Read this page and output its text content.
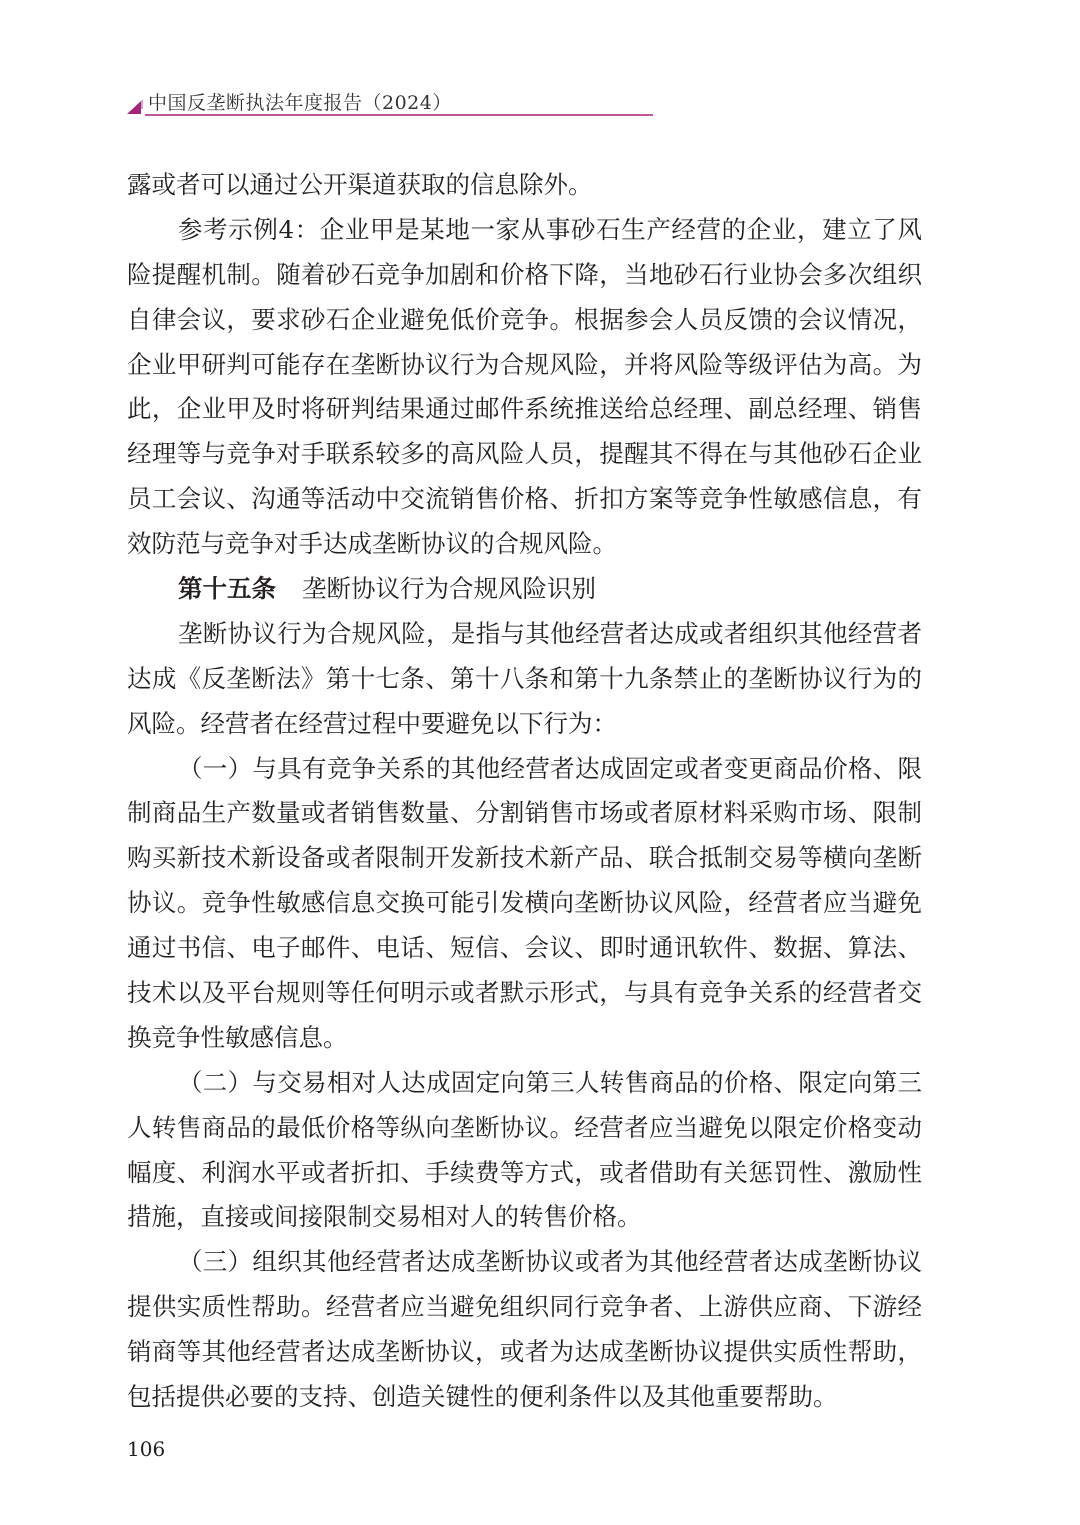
中国反垄断执法年度报告（2024）
露或者可以通过公开渠道获取的信息除外。
参考示例4：企业甲是某地一家从事砂石生产经营的企业，建立了风
险提醒机制。随着砂石竞争加剧和价格下降，当地砂石行业协会多次组织
自律会议，要求砂石企业避免低价竞争。根据参会人员反馈的会议情况，
企业甲研判可能存在垄断协议行为合规风险，并将风险等级评估为高。为
此，企业甲及时将研判结果通过邮件系统推送给总经理、副总经理、销售
经理等与竞争对手联系较多的高风险人员，提醒其不得在与其他砂石企业
员工会议、沟通等活动中交流销售价格、折扣方案等竞争性敏感信息，有
效防范与竞争对手达成垄断协议的合规风险。
第十五条 垄断协议行为合规风险识别
垄断协议行为合规风险，是指与其他经营者达成或者组织其他经营者
达成《反垄断法》第十七条、第十八条和第十九条禁止的垄断协议行为的
风险。经营者在经营过程中要避免以下行为：
（一）与具有竞争关系的其他经营者达成固定或者变更商品价格、限
制商品生产数量或者销售数量、分割销售市场或者原材料采购市场、限制
购买新技术新设备或者限制开发新技术新产品、联合抵制交易等横向垄断
协议。竞争性敏感信息交换可能引发横向垄断协议风险，经营者应当避免
通过书信、电子邮件、电话、短信、会议、即时通讯软件、数据、算法、
技术以及平台规则等任何明示或者默示形式，与具有竞争关系的经营者交
换竞争性敏感信息。
（二）与交易相对人达成固定向第三人转售商品的价格、限定向第三
人转售商品的最低价格等纵向垄断协议。经营者应当避免以限定价格变动
幅度、利润水平或者折扣、手续费等方式，或者借助有关惩罚性、激励性
措施，直接或间接限制交易相对人的转售价格。
（三）组织其他经营者达成垄断协议或者为其他经营者达成垄断协议
提供实质性帮助。经营者应当避免组织同行竞争者、上游供应商、下游经
销商等其他经营者达成垄断协议，或者为达成垄断协议提供实质性帮助，
包括提供必要的支持、创造关键性的便利条件以及其他重要帮助。
106
